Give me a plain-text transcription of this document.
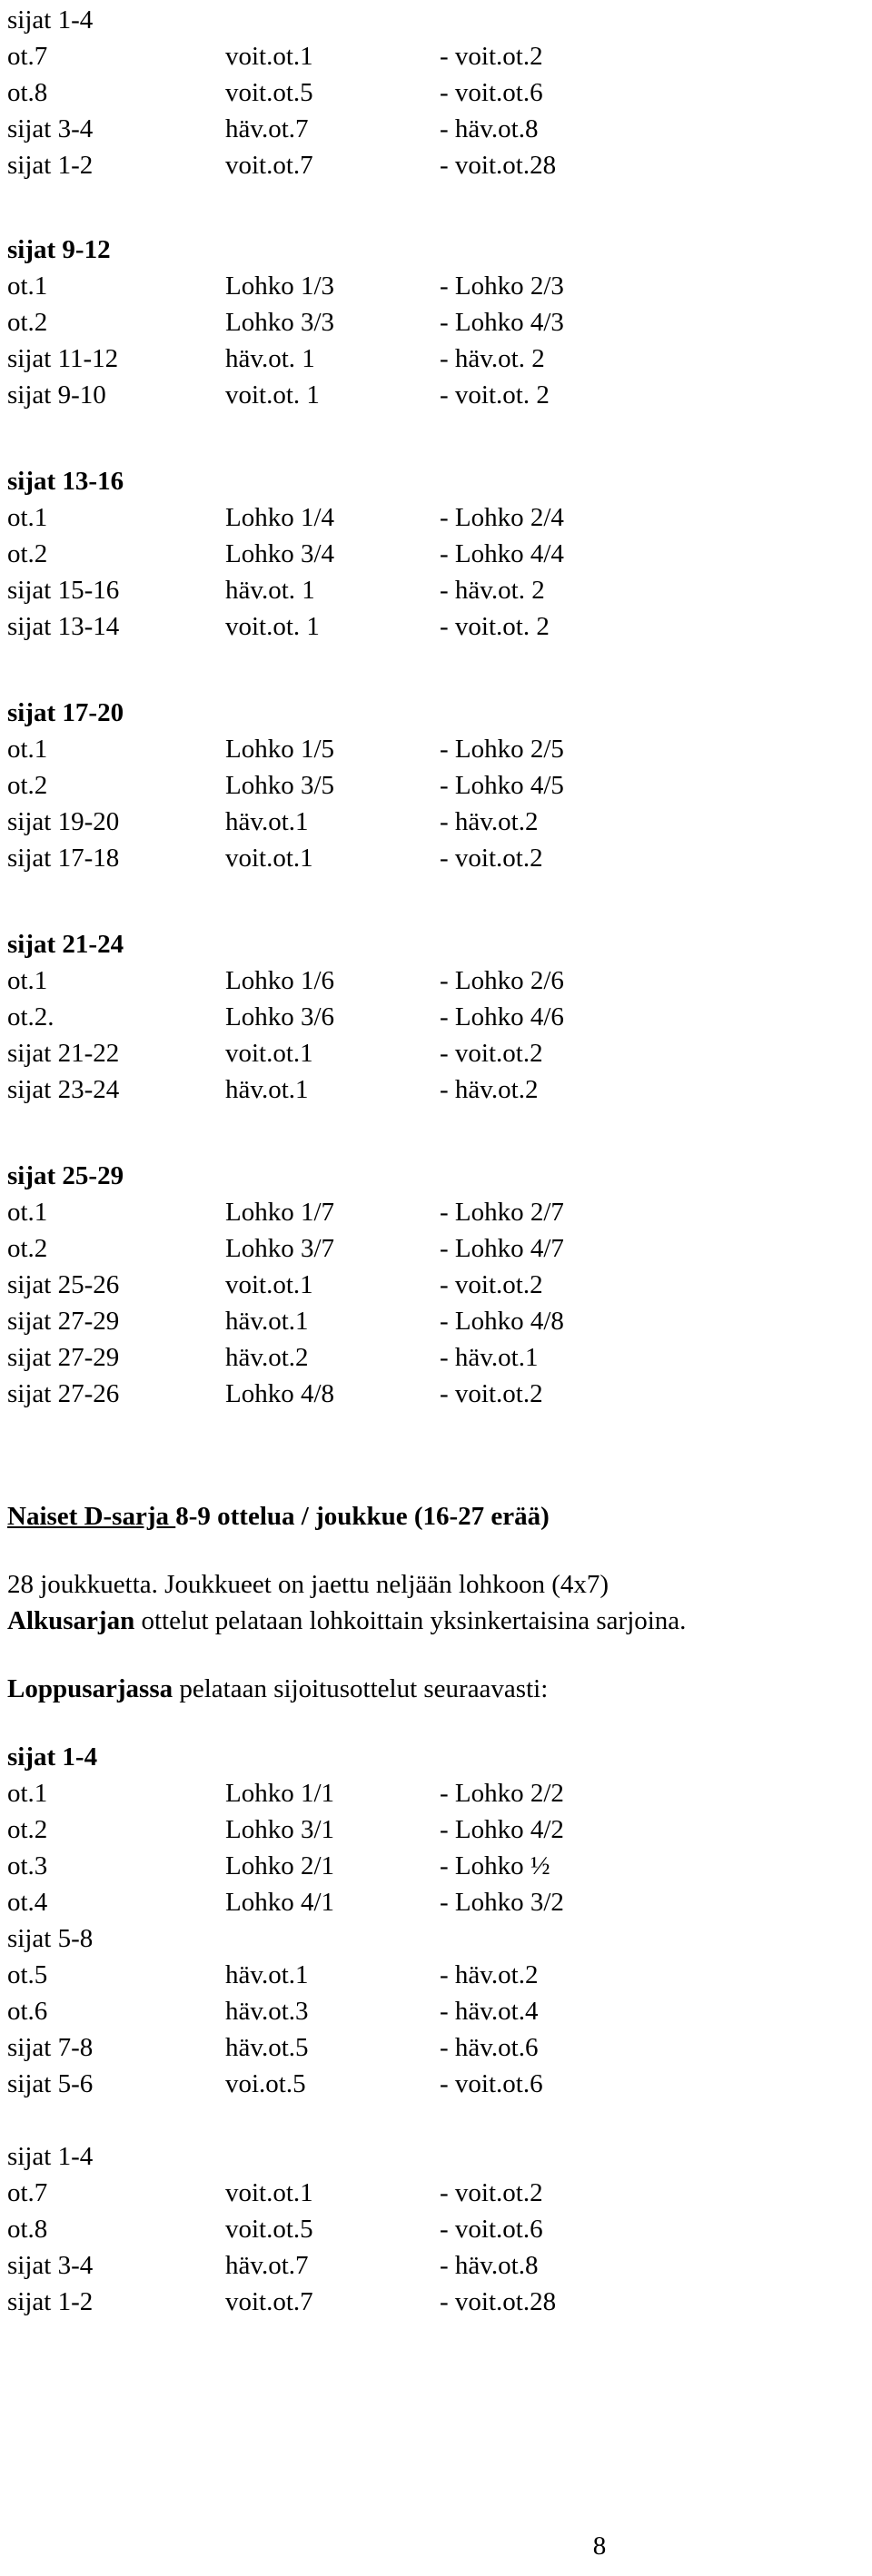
sijat 1-4
ot.7	voit.ot.1	- voit.ot.2
ot.8	voit.ot.5	- voit.ot.6
sijat 3-4	häv.ot.7	- häv.ot.8
sijat 1-2	voit.ot.7	- voit.ot.28
sijat 9-12
ot.1	Lohko 1/3	- Lohko 2/3
ot.2	Lohko 3/3	- Lohko 4/3
sijat 11-12	häv.ot. 1	- häv.ot. 2
sijat 9-10	voit.ot. 1	- voit.ot. 2
sijat 13-16
ot.1	Lohko 1/4	- Lohko 2/4
ot.2	Lohko 3/4	- Lohko 4/4
sijat 15-16	häv.ot. 1	- häv.ot. 2
sijat 13-14	voit.ot. 1	- voit.ot. 2
sijat 17-20
ot.1	Lohko 1/5	- Lohko 2/5
ot.2	Lohko 3/5	- Lohko 4/5
sijat 19-20	häv.ot.1	- häv.ot.2
sijat 17-18	voit.ot.1	- voit.ot.2
sijat 21-24
ot.1	Lohko 1/6	- Lohko 2/6
ot.2.	Lohko 3/6	- Lohko 4/6
sijat 21-22	voit.ot.1	- voit.ot.2
sijat 23-24	häv.ot.1	- häv.ot.2
sijat 25-29
ot.1	Lohko 1/7	- Lohko 2/7
ot.2	Lohko 3/7	- Lohko 4/7
sijat 25-26	voit.ot.1	- voit.ot.2
sijat 27-29	häv.ot.1	- Lohko 4/8
sijat 27-29	häv.ot.2	- häv.ot.1
sijat 27-26	Lohko 4/8	- voit.ot.2
Naiset D-sarja 8-9 ottelua / joukkue (16-27 erää)
28 joukkuetta. Joukkueet on jaettu neljään lohkoon (4x7)
Alkusarjan ottelut pelataan lohkoittain yksinkertaisina sarjoina.
Loppusarjassa pelataan sijoitusottelut seuraavasti:
sijat 1-4
ot.1	Lohko 1/1	- Lohko 2/2
ot.2	Lohko 3/1	- Lohko 4/2
ot.3	Lohko 2/1	- Lohko ½
ot.4	Lohko 4/1	- Lohko 3/2
sijat 5-8
ot.5	häv.ot.1	- häv.ot.2
ot.6	häv.ot.3	- häv.ot.4
sijat 7-8	häv.ot.5	- häv.ot.6
sijat 5-6	voi.ot.5	- voit.ot.6
sijat 1-4
ot.7	voit.ot.1	- voit.ot.2
ot.8	voit.ot.5	- voit.ot.6
sijat 3-4	häv.ot.7	- häv.ot.8
sijat 1-2	voit.ot.7	- voit.ot.28
8
